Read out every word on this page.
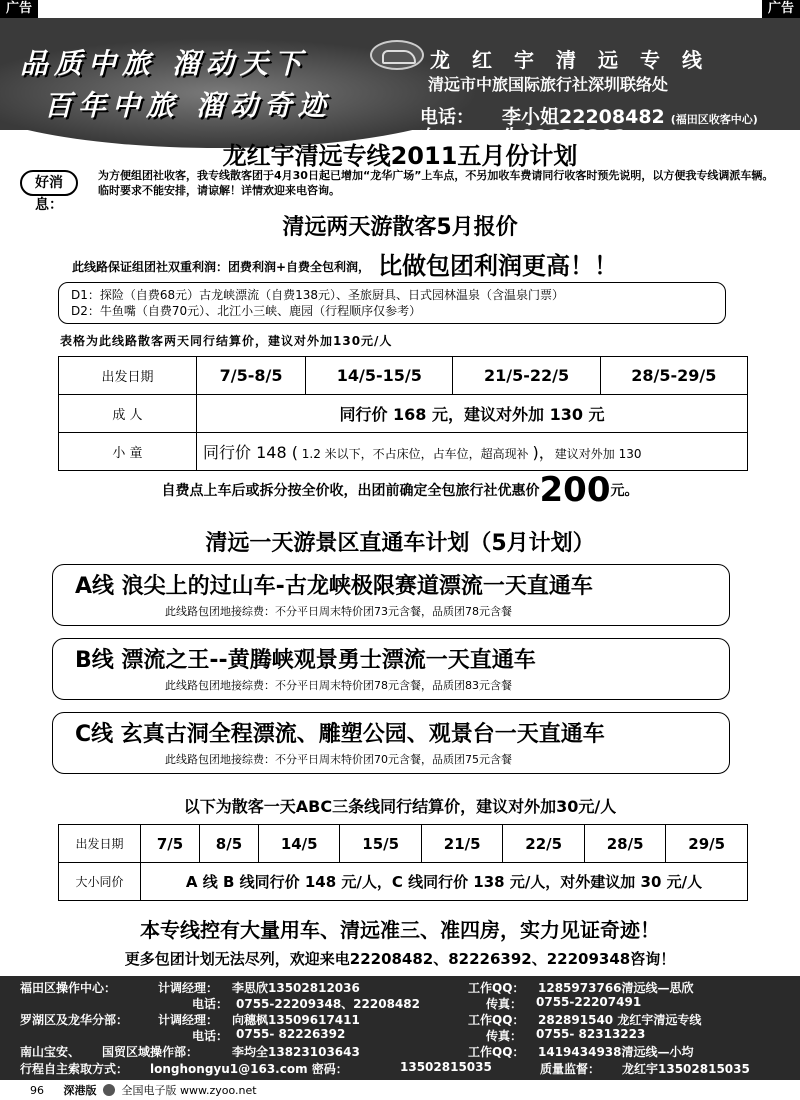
广告	广告
品质中旅 溜动天下
百年中旅 溜动奇迹
龙红宇清远专线
清远市中旅国际旅行社深圳联络处
电话： 李小姐22208482 (福田区收客中心)
向	生82226392 ( 罗湖及龙华收客中心 )
龙红宇清远专线2011五月份计划
好消息：
为方便组团社收客，我专线散客团于4月30日起已增加“龙华广场”上车点，不另加收车费请同行收客时预先说明，以方便我专线调派车辆。临时要求不能安排，请谅解！详情欢迎来电咨询。
清远两天游散客5月报价
此线路保证组团社双重利润：团费利润+自费全包利润， 比做包团利润更高！！
D1：探险（自费68元）古龙峡漂流（自费138元）、圣旅厨具、日式园林温泉（含温泉门票）
D2：牛鱼嘴（自费70元）、北江小三峡、鹿园（行程顺序仅参考）
表格为此线路散客两天同行结算价，建议对外加130元/人
出发日期	7/5-8/5	14/5-15/5	21/5-22/5	28/5-29/5
成 人	同行价 168 元，建议对外加 130 元			
小 童	同行价 148 ( 1.2 米以下，不占床位，占车位，超高现补 )，建议对外加 130			
自费点上车后或拆分按全价收，出团前确定全包旅行社优惠价200元。
清远一天游景区直通车计划（5月计划）
A线 浪尖上的过山车-古龙峡极限赛道漂流一天直通车
此线路包团地接综费：不分平日周末特价团73元含餐，品质团78元含餐
B线 漂流之王--黄腾峡观景勇士漂流一天直通车
此线路包团地接综费：不分平日周末特价团78元含餐，品质团83元含餐
C线 玄真古洞全程漂流、雕塑公园、观景台一天直通车
此线路包团地接综费：不分平日周末特价团70元含餐，品质团75元含餐
以下为散客一天ABC三条线同行结算价，建议对外加30元/人
出发日期	7/5	8/5	14/5	15/5	21/5	22/5	28/5	29/5
大小同价	A 线 B 线同行价 148 元/人，C 线同行价 138 元/人，对外建议加 30 元/人							
本专线控有大量用车、清远准三、准四房，实力见证奇迹！
更多包团计划无法尽列，欢迎来电22208482、82226392、22209348咨询！
福田区操作中心：	计调经理： 李思欣13502812036	工作QQ： 1285973766清远线—思欣
电话： 0755-22209348、22208482	传真： 0755-22207491
罗湖区及龙华分部： 计调经理： 向穗枫13509617411	工作QQ： 282891540 龙红宇清远专线
电话： 0755- 82226392	传真： 0755- 82313223
南山宝安、 国贸区域操作部：	李均全13823103643	工作QQ： 1419434938清远线—小均
行程自主索取方式： longhongyu1@163.com 密码：	13502815035	质量监督： 龙红宇13502815035
96 深港版 全国电子版 www.zyoo.net
